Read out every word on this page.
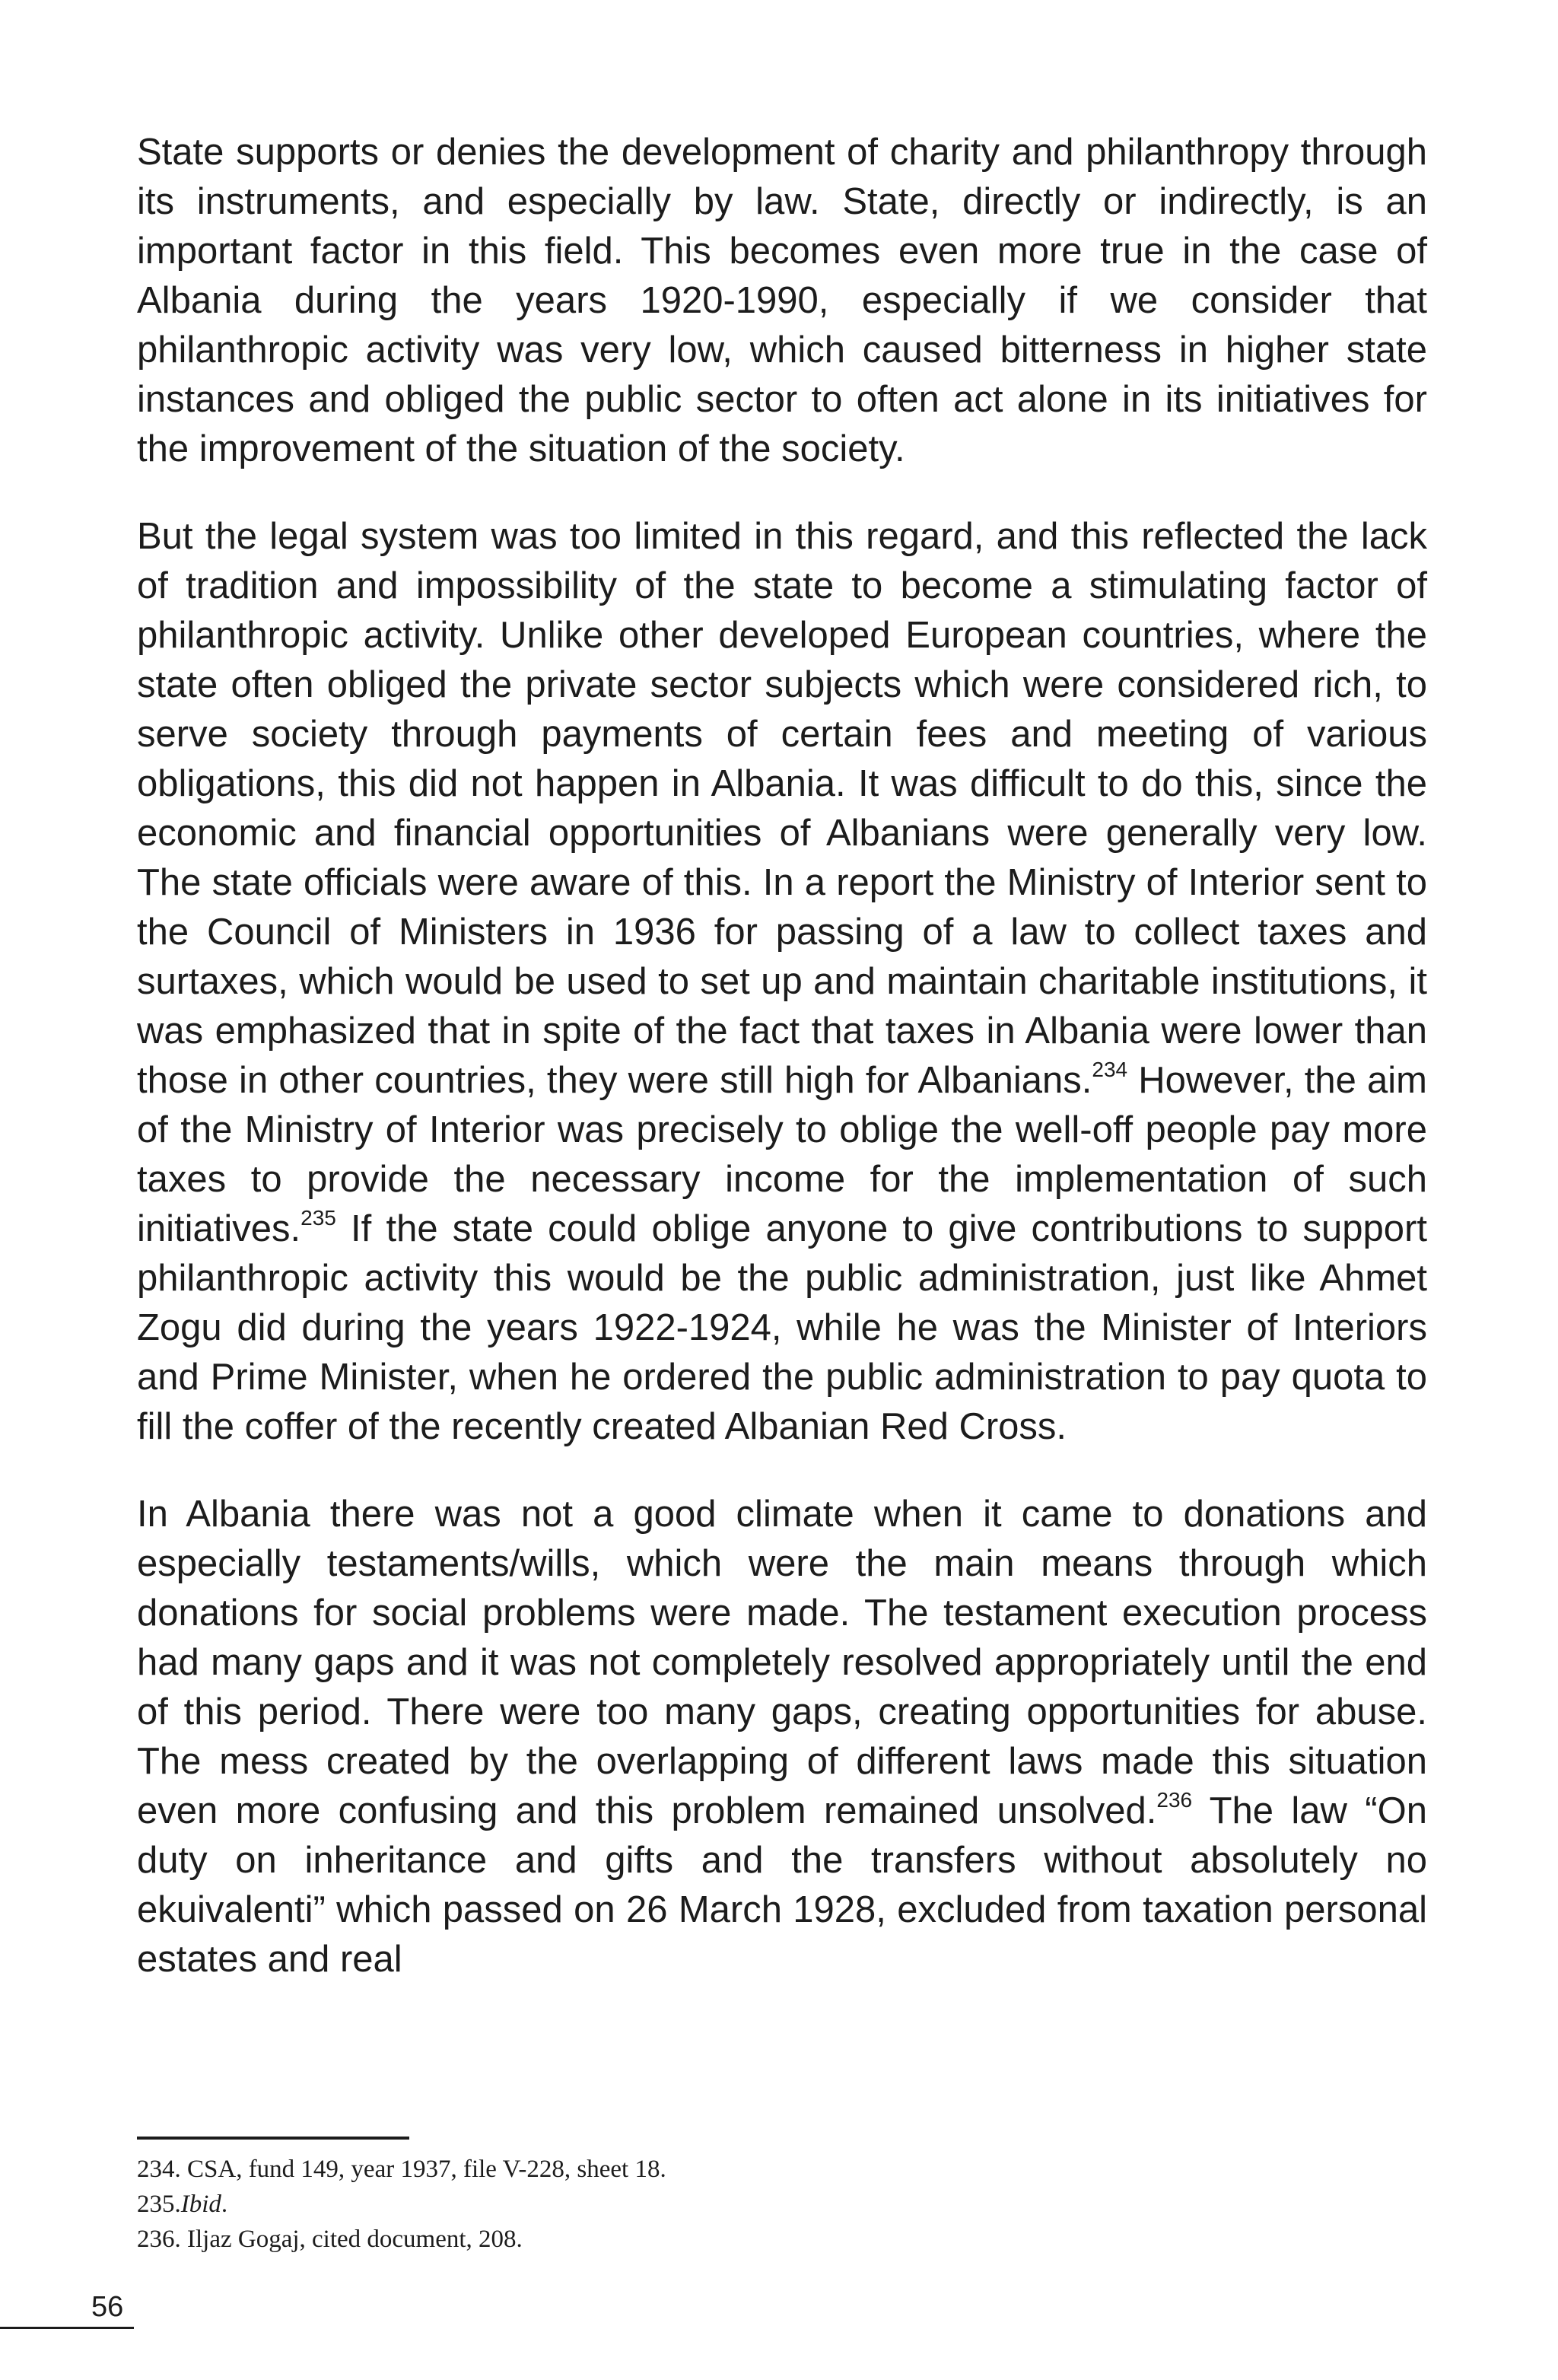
State supports or denies the development of charity and philanthropy through its instruments, and especially by law. State, directly or indirectly, is an important factor in this field. This becomes even more true in the case of Albania during the years 1920-1990, especially if we consider that philanthropic activity was very low, which caused bitterness in higher state instances and obliged the public sector to often act alone in its initiatives for the improvement of the situation of the society.

But the legal system was too limited in this regard, and this reflected the lack of tradition and impossibility of the state to become a stimulating factor of philanthropic activity. Unlike other developed European countries, where the state often obliged the private sector subjects which were considered rich, to serve society through payments of certain fees and meeting of various obligations, this did not happen in Albania. It was difficult to do this, since the economic and financial opportunities of Albanians were generally very low. The state officials were aware of this. In a report the Ministry of Interior sent to the Council of Ministers in 1936 for passing of a law to collect taxes and surtaxes, which would be used to set up and maintain charitable institutions, it was emphasized that in spite of the fact that taxes in Albania were lower than those in other countries, they were still high for Albanians.$^{234}$ However, the aim of the Ministry of Interior was precisely to oblige the well-off people pay more taxes to provide the necessary income for the implementation of such initiatives.$^{235}$ If the state could oblige anyone to give contributions to support philanthropic activity this would be the public administration, just like Ahmet Zogu did during the years 1922-1924, while he was the Minister of Interiors and Prime Minister, when he ordered the public administration to pay quota to fill the coffer of the recently created Albanian Red Cross.

In Albania there was not a good climate when it came to donations and especially testaments/wills, which were the main means through which donations for social problems were made. The testament execution process had many gaps and it was not completely resolved appropriately until the end of this period. There were too many gaps, creating opportunities for abuse. The mess created by the overlapping of different laws made this situation even more confusing and this problem remained unsolved.$^{236}$ The law “On duty on inheritance and gifts and the transfers without absolutely no ekuivalenti” which passed on 26 March 1928, excluded from taxation personal estates and real

234. CSA, fund 149, year 1937, file V-228, sheet 18.

235.Ibid.

236. Iljaz Gogaj, cited document, 208.

56
